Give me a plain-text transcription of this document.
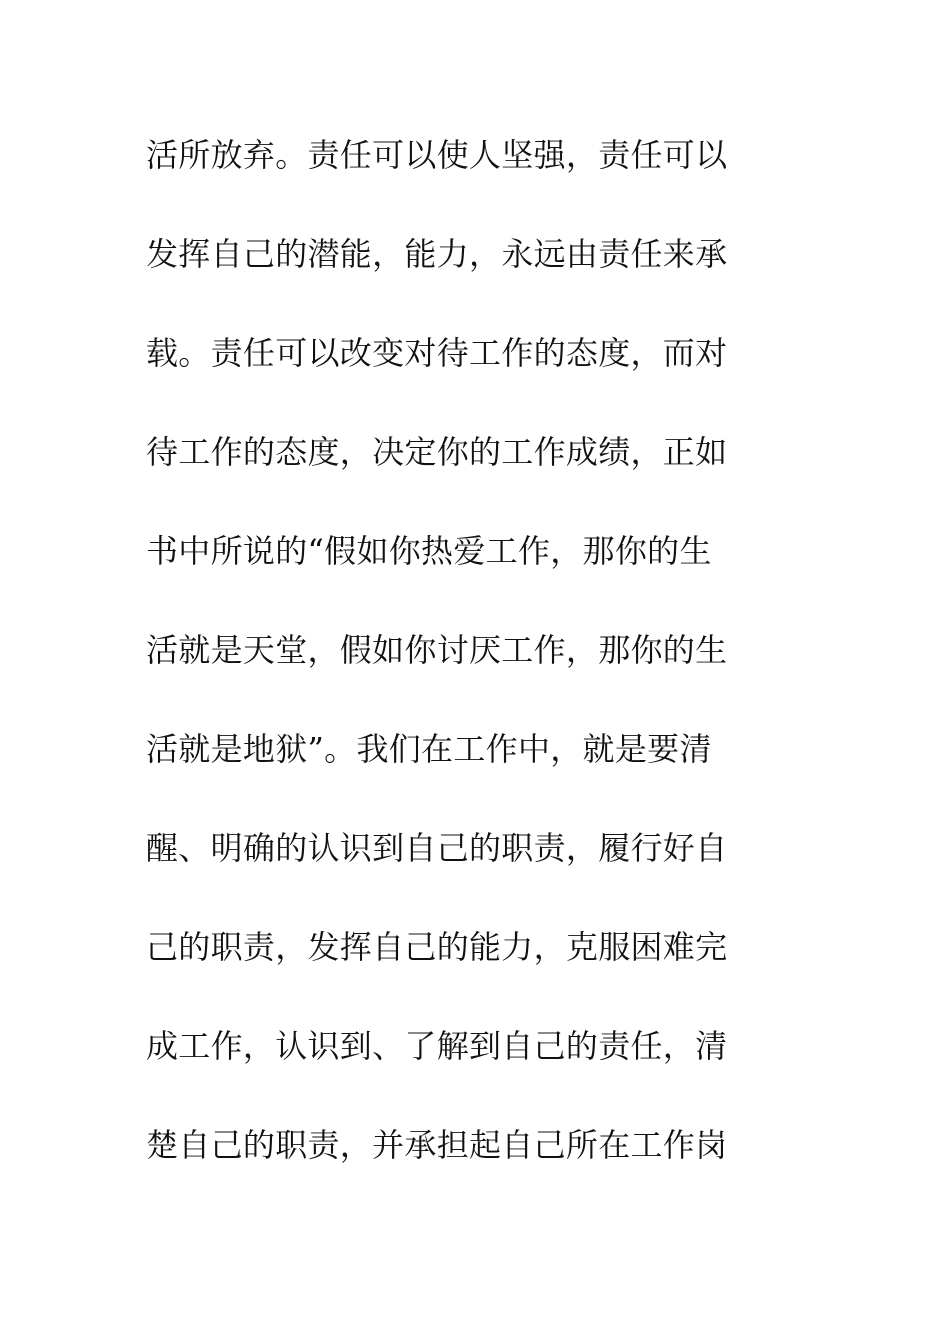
活所放弃。责任可以使人坚强，责任可以
发挥自己的潜能，能力，永远由责任来承
载。责任可以改变对待工作的态度，而对
待工作的态度，决定你的工作成绩，正如
书中所说的“假如你热爱工作，那你的生
活就是天堂，假如你讨厌工作，那你的生
活就是地狱”。我们在工作中，就是要清
醒、明确的认识到自己的职责，履行好自
己的职责，发挥自己的能力，克服困难完
成工作，认识到、了解到自己的责任，清
楚自己的职责，并承担起自己所在工作岗
